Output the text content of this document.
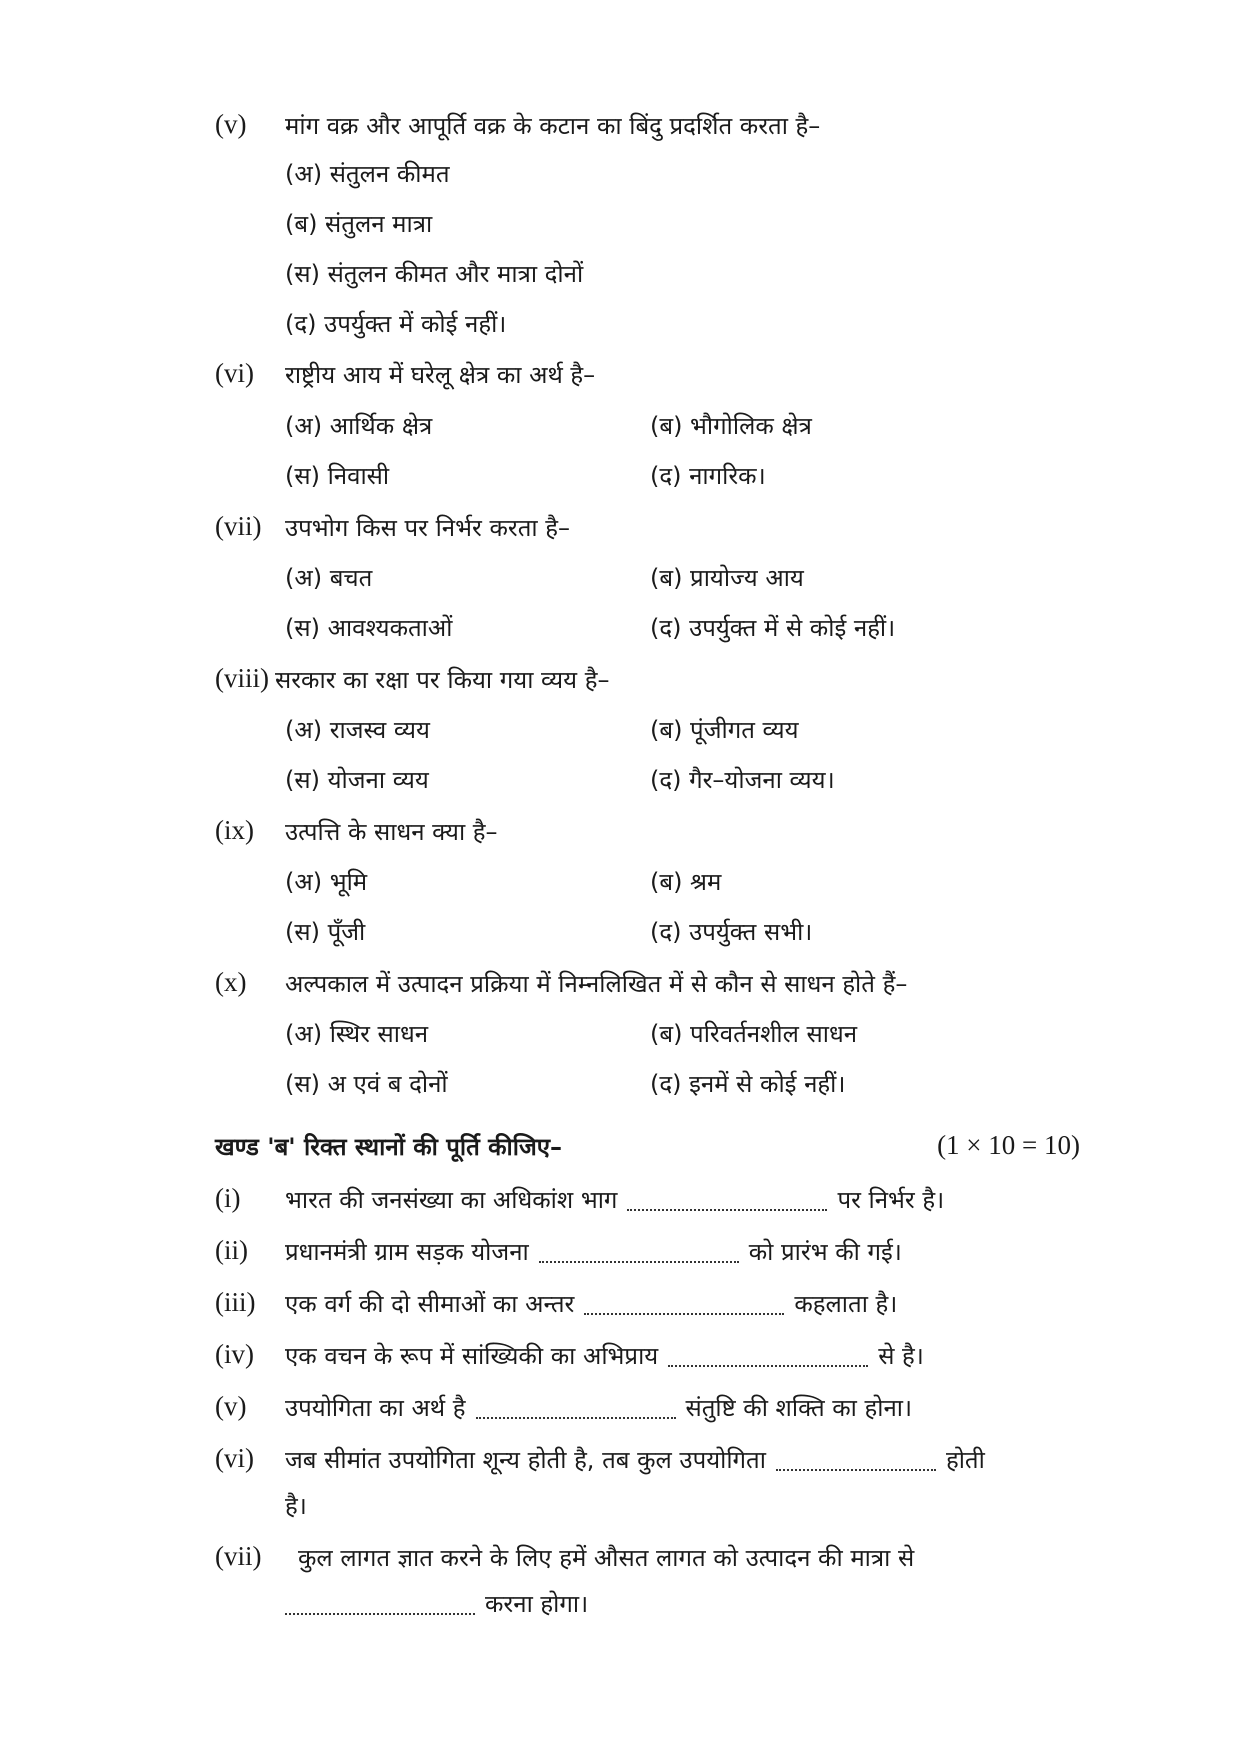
(v) मांग वक्र और आपूर्ति वक्र के कटान का बिंदु प्रदर्शित करता है–
(अ) संतुलन कीमत
(ब) संतुलन मात्रा
(स) संतुलन कीमत और मात्रा दोनों
(द) उपर्युक्त में कोई नहीं।
(vi) राष्ट्रीय आय में घरेलू क्षेत्र का अर्थ है–
(अ) आर्थिक क्षेत्र	(ब) भौगोलिक क्षेत्र
(स) निवासी	(द) नागरिक।
(vii) उपभोग किस पर निर्भर करता है–
(अ) बचत	(ब) प्रायोज्य आय
(स) आवश्यकताओं	(द) उपर्युक्त में से कोई नहीं।
(viii) सरकार का रक्षा पर किया गया व्यय है–
(अ) राजस्व व्यय	(ब) पूंजीगत व्यय
(स) योजना व्यय	(द) गैर–योजना व्यय।
(ix) उत्पत्ति के साधन क्या है–
(अ) भूमि	(ब) श्रम
(स) पूँजी	(द) उपर्युक्त सभी।
(x) अल्पकाल में उत्पादन प्रक्रिया में निम्नलिखित में से कौन से साधन होते हैं–
(अ) स्थिर साधन	(ब) परिवर्तनशील साधन
(स) अ एवं ब दोनों	(द) इनमें से कोई नहीं।
खण्ड 'ब' रिक्त स्थानों की पूर्ति कीजिए–	(1 × 10 = 10)
(i) भारत की जनसंख्या का अधिकांश भाग	पर निर्भर है।
(ii) प्रधानमंत्री ग्राम सड़क योजना	को प्रारंभ की गई।
(iii) एक वर्ग की दो सीमाओं का अन्तर	कहलाता है।
(iv) एक वचन के रूप में सांख्यिकी का अभिप्राय	से है।
(v) उपयोगिता का अर्थ है	संतुष्टि की शक्ति का होना।
(vi) जब सीमांत उपयोगिता शून्य होती है, तब कुल उपयोगिता	होती
है।
(vii) कुल लागत ज्ञात करने के लिए हमें औसत लागत को उत्पादन की मात्रा से
करना होगा।
